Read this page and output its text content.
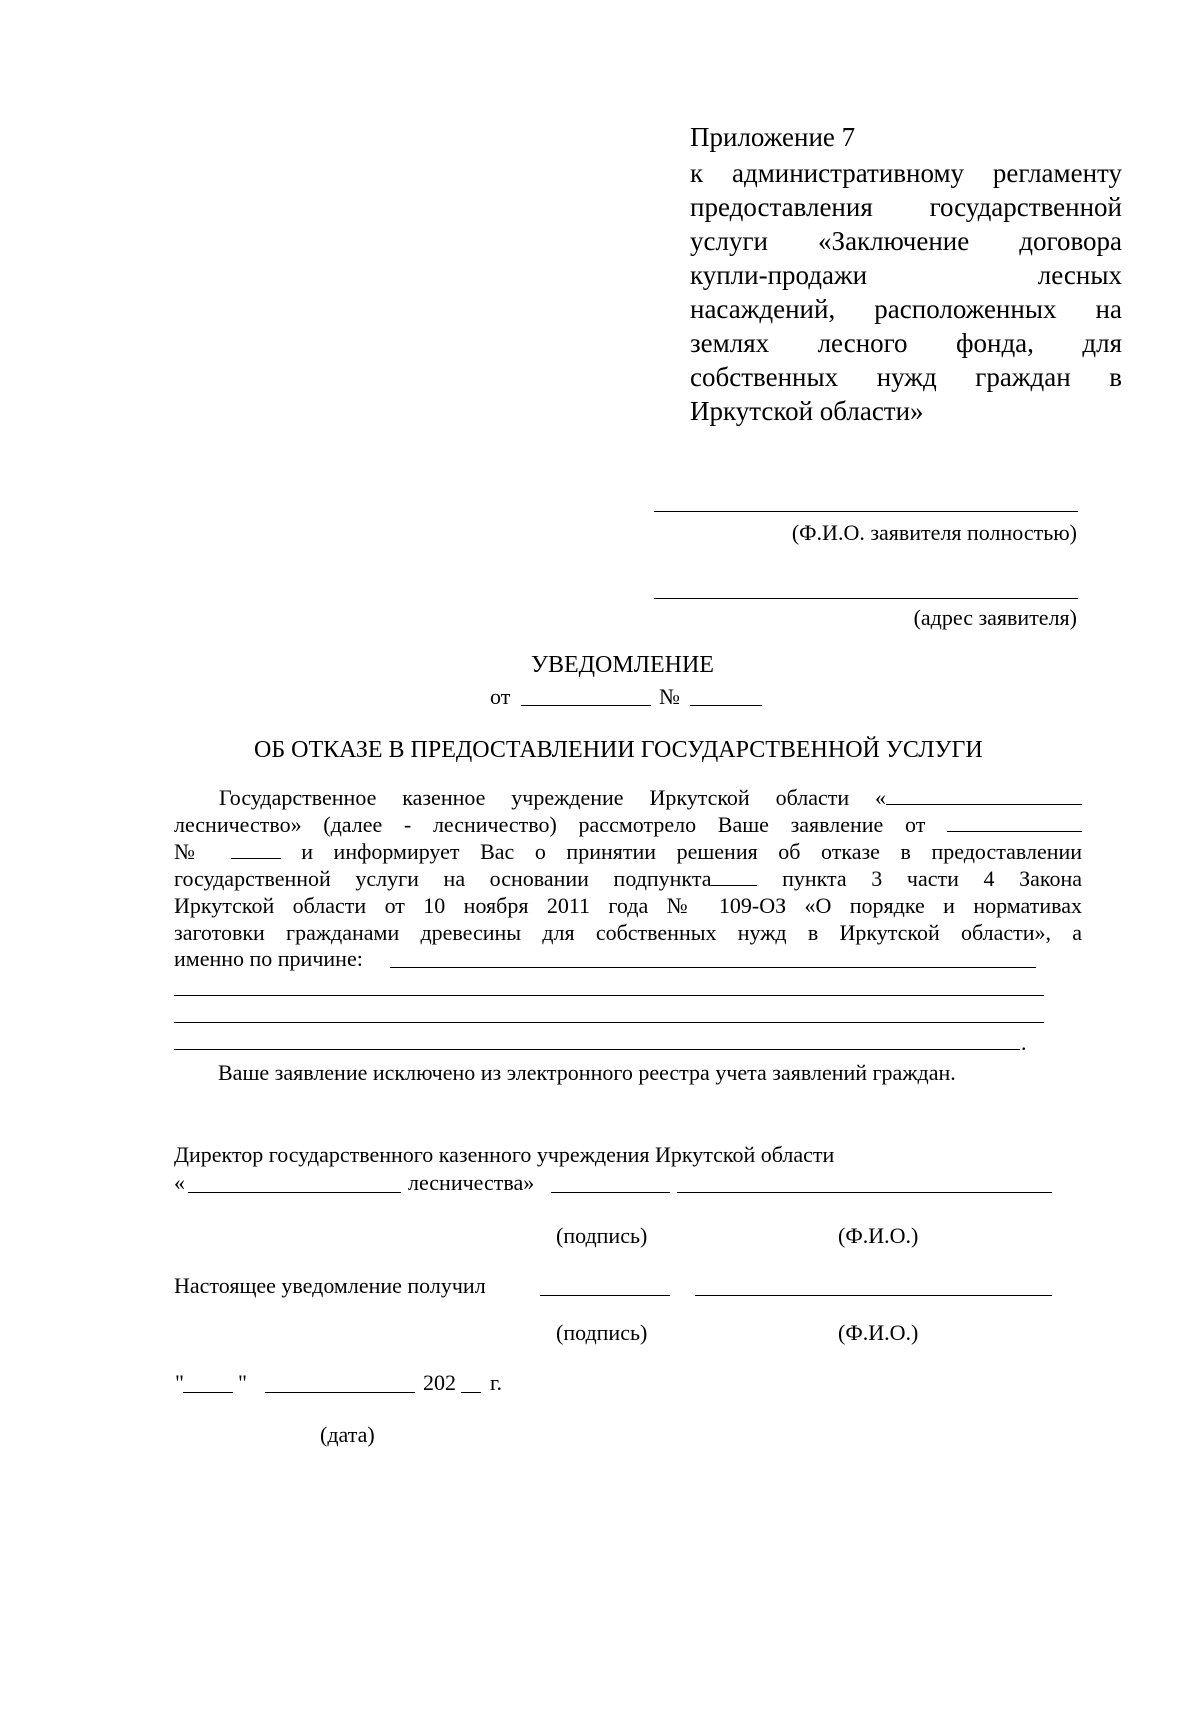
Приложение 7
к административному регламенту
предоставления государственной
услуги «Заключение договора
купли-продажи лесных
насаждений, расположенных на
землях лесного фонда, для
собственных нужд граждан в
Иркутской области»
(Ф.И.О. заявителя полностью)
(адрес заявителя)
УВЕДОМЛЕНИЕ
от	№
ОБ ОТКАЗЕ В ПРЕДОСТАВЛЕНИИ ГОСУДАРСТВЕННОЙ УСЛУГИ
Государственное казенное учреждение Иркутской области «
лесничество» (далее - лесничество) рассмотрело Ваше заявление от
№	и информирует Вас о принятии решения об отказе в предоставлении
государственной услуги на основании подпункта	пункта 3 части 4 Закона
Иркутской области от 10 ноября 2011 года № 109-ОЗ «О порядке и нормативах
заготовки гражданами древесины для собственных нужд в Иркутской области», а
именно по причине:
.
Ваше заявление исключено из электронного реестра учета заявлений граждан.
Директор государственного казенного учреждения Иркутской области
«	лесничества»
(подпись)	(Ф.И.О.)
Настоящее уведомление получил
(подпись)	(Ф.И.О.)
" "	202 г.
(дата)
